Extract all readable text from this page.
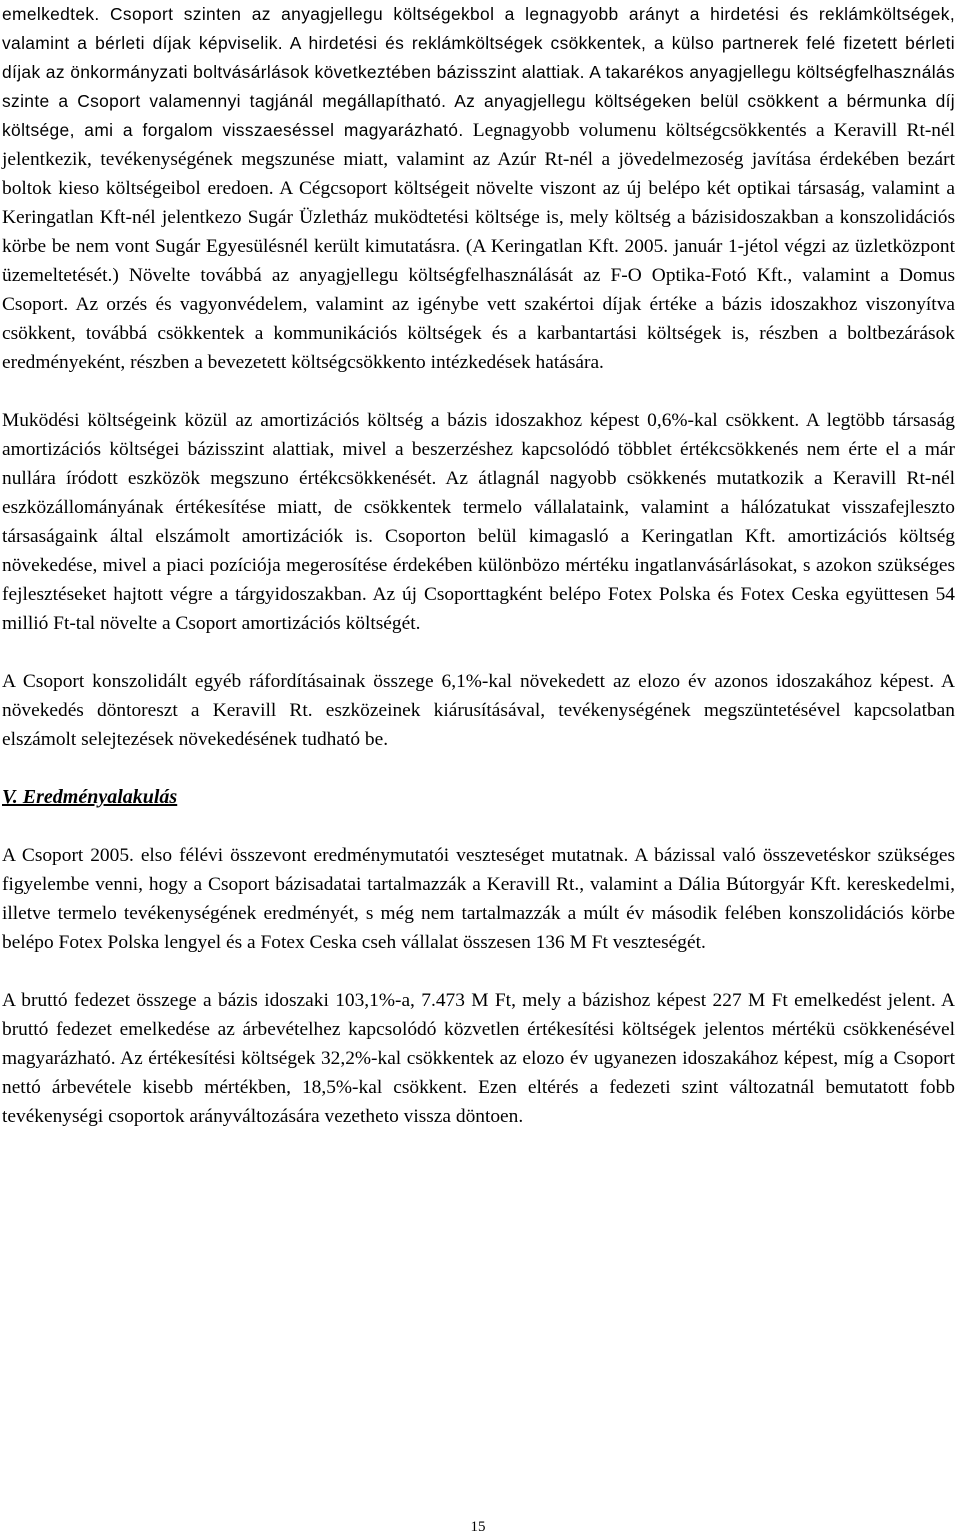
emelkedtek. Csoport szinten az anyagjellegu költségekbol a legnagyobb arányt a hirdetési és reklámköltségek, valamint a bérleti díjak képviselik. A hirdetési és reklámköltségek csökkentek, a külso partnerek felé fizetett bérleti díjak az önkormányzati boltvásárlások következtében bázisszint alattiak. A takarékos anyagjellegu költségfelhasználás szinte a Csoport valamennyi tagjánál megállapítható. Az anyagjellegu költségeken belül csökkent a bérmunka díj költsége, ami a forgalom visszaeséssel magyarázható. Legnagyobb volumenu költségcsökkentés a Keravill Rt-nél jelentkezik, tevékenységének megszunése miatt, valamint az Azúr Rt-nél a jövedelmezoség javítása érdekében bezárt boltok kieso költségeibol eredoen. A Cégcsoport költségeit növelte viszont az új belépo két optikai társaság, valamint a Keringatlan Kft-nél jelentkezo Sugár Üzletház muködtetési költsége is, mely költség a bázisidoszakban a konszolidációs körbe be nem vont Sugár Egyesülésnél került kimutatásra. (A Keringatlan Kft. 2005. január 1-jétol végzi az üzletközpont üzemeltetését.) Növelte továbbá az anyagjellegu költségfelhasználását az F-O Optika-Fotó Kft., valamint a Domus Csoport. Az orzés és vagyonvédelem, valamint az igénybe vett szakértoi díjak értéke a bázis idoszakhoz viszonyítva csökkent, továbbá csökkentek a kommunikációs költségek és a karbantartási költségek is, részben a boltbezárások eredményeként, részben a bevezetett költségcsökkento intézkedések hatására.

Muködési költségeink közül az amortizációs költség a bázis idoszakhoz képest 0,6%-kal csökkent. A legtöbb társaság amortizációs költségei bázisszint alattiak, mivel a beszerzéshez kapcsolódó többlet értékcsökkenés nem érte el a már nullára íródott eszközök megszuno értékcsökkenését. Az átlagnál nagyobb csökkenés mutatkozik a Keravill Rt-nél eszközállományának értékesítése miatt, de csökkentek termelo vállalataink, valamint a hálózatukat visszafejleszto társaságaink által elszámolt amortizációk is. Csoporton belül kimagasló a Keringatlan Kft. amortizációs költség növekedése, mivel a piaci pozíciója megerosítése érdekében különbözo mértéku ingatlanvásárlásokat, s azokon szükséges fejlesztéseket hajtott végre a tárgyidoszakban. Az új Csoporttagként belépo Fotex Polska és Fotex Ceska együttesen 54 millió Ft-tal növelte a Csoport amortizációs költségét.

A Csoport konszolidált egyéb ráfordításainak összege 6,1%-kal növekedett az elozo év azonos idoszakához képest. A növekedés döntoreszt a Keravill Rt. eszközeinek kiárusításával, tevékenységének megszüntetésével kapcsolatban elszámolt selejtezések növekedésének tudható be.

V. Eredményalakulás

A Csoport 2005. elso félévi összevont eredménymutatói veszteséget mutatnak. A bázissal való összevetéskor szükséges figyelembe venni, hogy a Csoport bázisadatai tartalmazzák a Keravill Rt., valamint a Dália Bútorgyár Kft. kereskedelmi, illetve termelo tevékenységének eredményét, s még nem tartalmazzák a múlt év második felében konszolidációs körbe belépo Fotex Polska lengyel és a Fotex Ceska cseh vállalat összesen 136 M Ft veszteségét.

A bruttó fedezet összege a bázis idoszaki 103,1%-a, 7.473 M Ft, mely a bázishoz képest 227 M Ft emelkedést jelent. A bruttó fedezet emelkedése az árbevételhez kapcsolódó közvetlen értékesítési költségek jelentos mértékü csökkenésével magyarázható. Az értékesítési költségek 32,2%-kal csökkentek az elozo év ugyanezen idoszakához képest, míg a Csoport nettó árbevétele kisebb mértékben, 18,5%-kal csökkent. Ezen eltérés a fedezeti szint változatnál bemutatott fobb tevékenységi csoportok arányváltozására vezetheto vissza döntoen.

15
